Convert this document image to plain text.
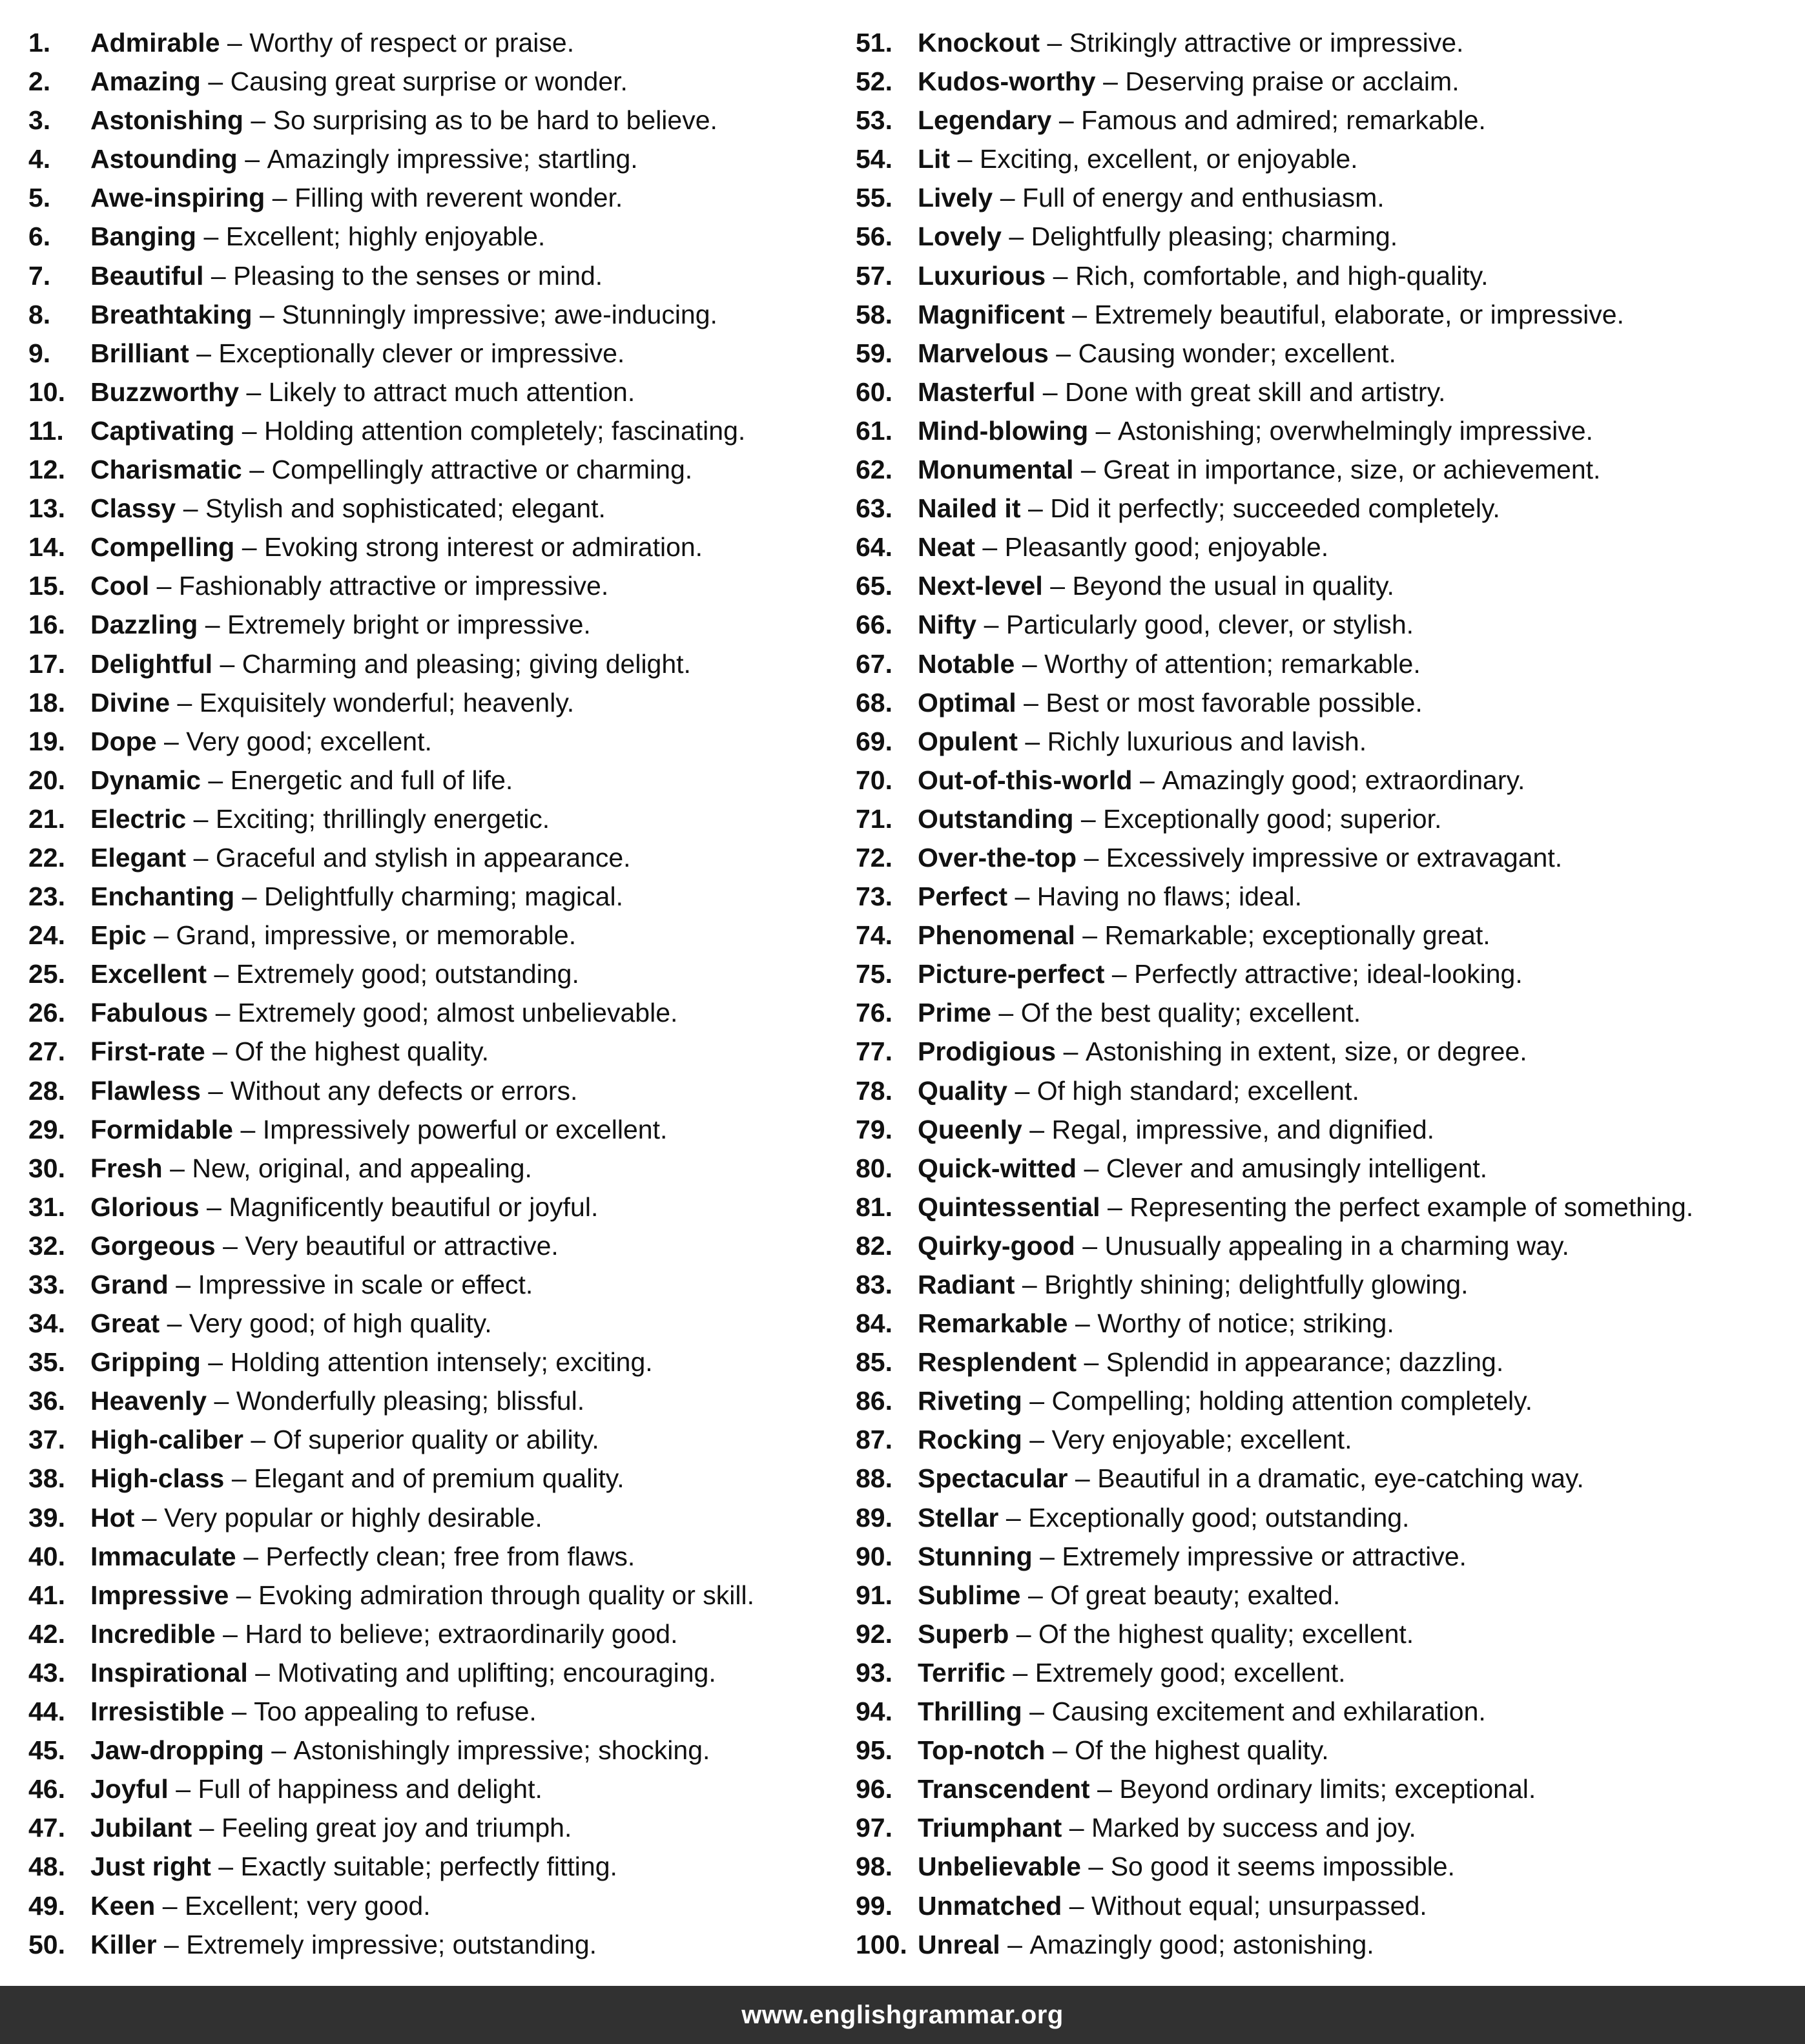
1.	Admirable – Worthy of respect or praise.
2.	Amazing – Causing great surprise or wonder.
3.	Astonishing – So surprising as to be hard to believe.
4.	Astounding – Amazingly impressive; startling.
5.	Awe-inspiring – Filling with reverent wonder.
6.	Banging – Excellent; highly enjoyable.
7.	Beautiful – Pleasing to the senses or mind.
8.	Breathtaking – Stunningly impressive; awe-inducing.
9.	Brilliant – Exceptionally clever or impressive.
10. Buzzworthy – Likely to attract much attention.
11.	Captivating – Holding attention completely; fascinating.
12. Charismatic – Compellingly attractive or charming.
13. Classy – Stylish and sophisticated; elegant.
14. Compelling – Evoking strong interest or admiration.
15. Cool – Fashionably attractive or impressive.
16. Dazzling – Extremely bright or impressive.
17. Delightful – Charming and pleasing; giving delight.
18. Divine – Exquisitely wonderful; heavenly.
19. Dope – Very good; excellent.
20. Dynamic – Energetic and full of life.
21. Electric – Exciting; thrillingly energetic.
22. Elegant – Graceful and stylish in appearance.
23. Enchanting – Delightfully charming; magical.
24. Epic – Grand, impressive, or memorable.
25. Excellent – Extremely good; outstanding.
26. Fabulous – Extremely good; almost unbelievable.
27. First-rate – Of the highest quality.
28. Flawless – Without any defects or errors.
29. Formidable – Impressively powerful or excellent.
30. Fresh – New, original, and appealing.
31. Glorious – Magnificently beautiful or joyful.
32. Gorgeous – Very beautiful or attractive.
33. Grand – Impressive in scale or effect.
34. Great – Very good; of high quality.
35. Gripping – Holding attention intensely; exciting.
36. Heavenly – Wonderfully pleasing; blissful.
37. High-caliber – Of superior quality or ability.
38. High-class – Elegant and of premium quality.
39. Hot – Very popular or highly desirable.
40. Immaculate – Perfectly clean; free from flaws.
41. Impressive – Evoking admiration through quality or skill.
42. Incredible – Hard to believe; extraordinarily good.
43. Inspirational – Motivating and uplifting; encouraging.
44. Irresistible – Too appealing to refuse.
45. Jaw-dropping – Astonishingly impressive; shocking.
46. Joyful – Full of happiness and delight.
47. Jubilant – Feeling great joy and triumph.
48. Just right – Exactly suitable; perfectly fitting.
49. Keen – Excellent; very good.
50. Killer – Extremely impressive; outstanding.
51. Knockout – Strikingly attractive or impressive.
52. Kudos-worthy – Deserving praise or acclaim.
53. Legendary – Famous and admired; remarkable.
54. Lit – Exciting, excellent, or enjoyable.
55. Lively – Full of energy and enthusiasm.
56. Lovely – Delightfully pleasing; charming.
57. Luxurious – Rich, comfortable, and high-quality.
58. Magnificent – Extremely beautiful, elaborate, or impressive.
59. Marvelous – Causing wonder; excellent.
60. Masterful – Done with great skill and artistry.
61. Mind-blowing – Astonishing; overwhelmingly impressive.
62. Monumental – Great in importance, size, or achievement.
63. Nailed it – Did it perfectly; succeeded completely.
64. Neat – Pleasantly good; enjoyable.
65. Next-level – Beyond the usual in quality.
66. Nifty – Particularly good, clever, or stylish.
67. Notable – Worthy of attention; remarkable.
68. Optimal – Best or most favorable possible.
69. Opulent – Richly luxurious and lavish.
70. Out-of-this-world – Amazingly good; extraordinary.
71. Outstanding – Exceptionally good; superior.
72. Over-the-top – Excessively impressive or extravagant.
73. Perfect – Having no flaws; ideal.
74. Phenomenal – Remarkable; exceptionally great.
75. Picture-perfect – Perfectly attractive; ideal-looking.
76. Prime – Of the best quality; excellent.
77. Prodigious – Astonishing in extent, size, or degree.
78. Quality – Of high standard; excellent.
79. Queenly – Regal, impressive, and dignified.
80. Quick-witted – Clever and amusingly intelligent.
81. Quintessential – Representing the perfect example of something.
82. Quirky-good – Unusually appealing in a charming way.
83. Radiant – Brightly shining; delightfully glowing.
84. Remarkable – Worthy of notice; striking.
85. Resplendent – Splendid in appearance; dazzling.
86. Riveting – Compelling; holding attention completely.
87. Rocking – Very enjoyable; excellent.
88. Spectacular – Beautiful in a dramatic, eye-catching way.
89. Stellar – Exceptionally good; outstanding.
90. Stunning – Extremely impressive or attractive.
91. Sublime – Of great beauty; exalted.
92. Superb – Of the highest quality; excellent.
93. Terrific – Extremely good; excellent.
94. Thrilling – Causing excitement and exhilaration.
95. Top-notch – Of the highest quality.
96. Transcendent – Beyond ordinary limits; exceptional.
97. Triumphant – Marked by success and joy.
98. Unbelievable – So good it seems impossible.
99. Unmatched – Without equal; unsurpassed.
100. Unreal – Amazingly good; astonishing.
www.englishgrammar.org
